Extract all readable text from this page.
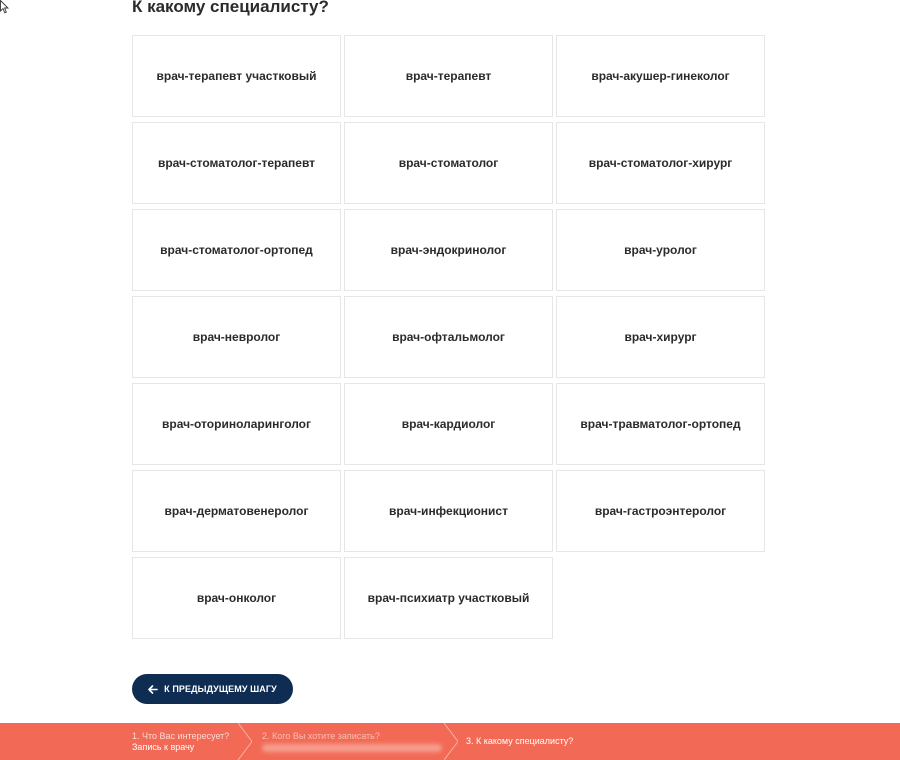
К какому специалисту?
врач-терапевт участковый	врач-терапевт	врач-акушер-гинеколог
врач-стоматолог-терапевт	врач-стоматолог	врач-стоматолог-хирург
врач-стоматолог-ортопед	врач-эндокринолог	врач-уролог
врач-невролог	врач-офтальмолог	врач-хирург
врач-оториноларинголог	врач-кардиолог	врач-травматолог-ортопед
врач-дерматовенеролог	врач-инфекционист	врач-гастроэнтеролог
врач-онколог	врач-психиатр участковый
К ПРЕДЫДУЩЕМУ ШАГУ
1. Что Вас интересует?
Запись к врачу
2. Кого Вы хотите записать?	3. К какому специалисту?
